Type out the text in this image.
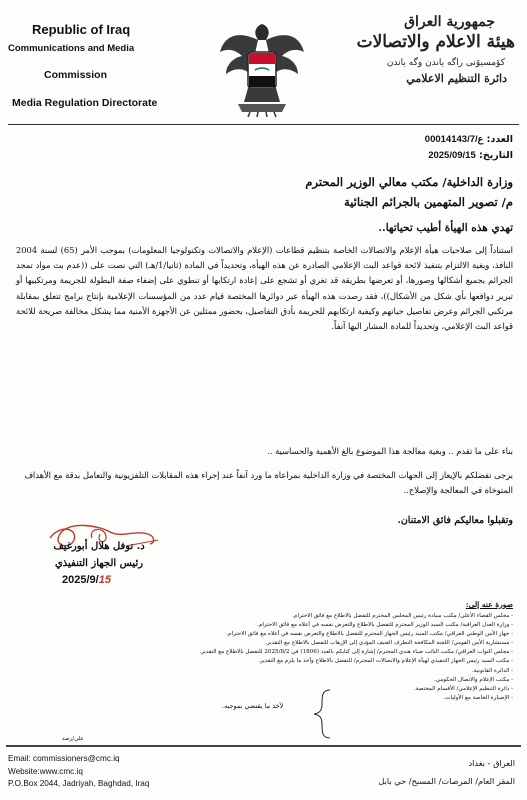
Republic of Iraq
Communications and Media
Commission
Media Regulation Directorate
جمهورية العراق
هيئة الاعلام والاتصالات
كۆمسيۆنى راگه ياندن وگه ياندن
دائرة التنظيم الاعلامي
العدد: 00014143/ع/7
التاريخ: 2025/09/15
وزارة الداخلية/ مكتب معالي الوزير المحترم
م/ تصوير المتهمين بالجرائم الجنائية
تهدي هذه الهيأة أطيب تحياتها..
استناداً إلى صلاحيات هيأة الإعلام والاتصالات الخاصة بتنظيم قطاعات (الإعلام والاتصالات وتكنولوجيا المعلومات) بموجب الأمر (65) لسنة 2004 النافذ، وبغية الالتزام بتنفيذ لائحة قواعد البث الإعلامي الصادرة عن هذه الهيأة، وتحديداً في المادة (ثانيا/1/هـ) التي نصت على ((عدم بث مواد تمجد الجرائم بجميع أشكالها وصورها، أو تعرضها بطريقة قد تغري أو تشجع على إعادة ارتكابها أو تنطوي على إضفاء صفة البطولة للجريمة ومرتكبيها أو تبرير دوافعها بأي شكل من الأشكال))، فقد رصدت هذه الهيأة عبر دوائرها المختصة قيام عدد من المؤسسات الإعلامية بإنتاج برامج تتعلق بمقابلة مرتكبي الجرائم وعرض تفاصيل حياتهم وكيفية ارتكابهم للجريمة بأدق التفاصيل، بحضور ممثلين عن الأجهزة الأمنية مما يشكل مخالفة صريحة للائحة قواعد البث الإعلامي، وتحديداً للمادة المشار اليها آنفاً.
بناء على ما تقدم .. وبغية معالجة هذا الموضوع بالغ الأهمية والحساسية ..
يرجى تفضلكم بالإيعاز إلى الجهات المختصة في وزارة الداخلية بمراعاة ما ورد آنفاً عند إجراء هذه المقابلات التلفزيونية والتعامل بدقة مع الأهداف المتوخاة في المعالجة والإصلاح..
وتقبلوا معاليكم فائق الامتنان.
د. نوفل هلال أبورغيف
رئيس الجهاز التنفيذي
2025/9/15
صورة عنه إلى:
- مجلس القضاء الأعلى/ مكتب سيادة رئيس المجلس المحترم للتفضل بالاطلاع مع فائق الاحترام.
- وزارة العدل العراقية/ مكتب السيد الوزير المحترم للتفضل بالاطلاع والتعرض نفسه في أعلاه مع فائق الاحترام.
- جهاز الأمن الوطني العراقي/ مكتب السيد رئيس الجهاز المحترم للتفضل بالاطلاع والتعرض نفسه في أعلاه مع فائق الاحترام.
- مستشارية الأمن القومي/ اللجنة المكافحة التطرف العنيف المؤدي إلى الإرهاب للتفضل بالاطلاع مع التقدير.
- مجلس النواب العراقي/ مكتب النائب ضياء هندي المحترم/ إشارة إلى كتابكم بالعدد (1806) في 2025/8/2 للتفضل بالاطلاع مع التقدير.
- مكتب السيد رئيس الجهاز التنفيذي لهيأة الإعلام والاتصالات المحترم/ للتفضل بالاطلاع وأخذ ما يلزم مع التقدير.
- الدائرة القانونية.
- مكتب الإعلام والاتصال الحكومي.
- دائرة التنظيم الإعلامي/ الأقسام المختصة.
- الإضبارة الخاصة مع الأوليات.
لأخذ ما يقتضي بموجبه.
علي/رصد
Email: commissioners@cmc.iq
Website:www.cmc.iq
P.O.Box 2044, Jadriyah, Baghdad, Iraq
العراق - بغداد
المقر العام/ المرصات/ المسبح/ حي بابل
